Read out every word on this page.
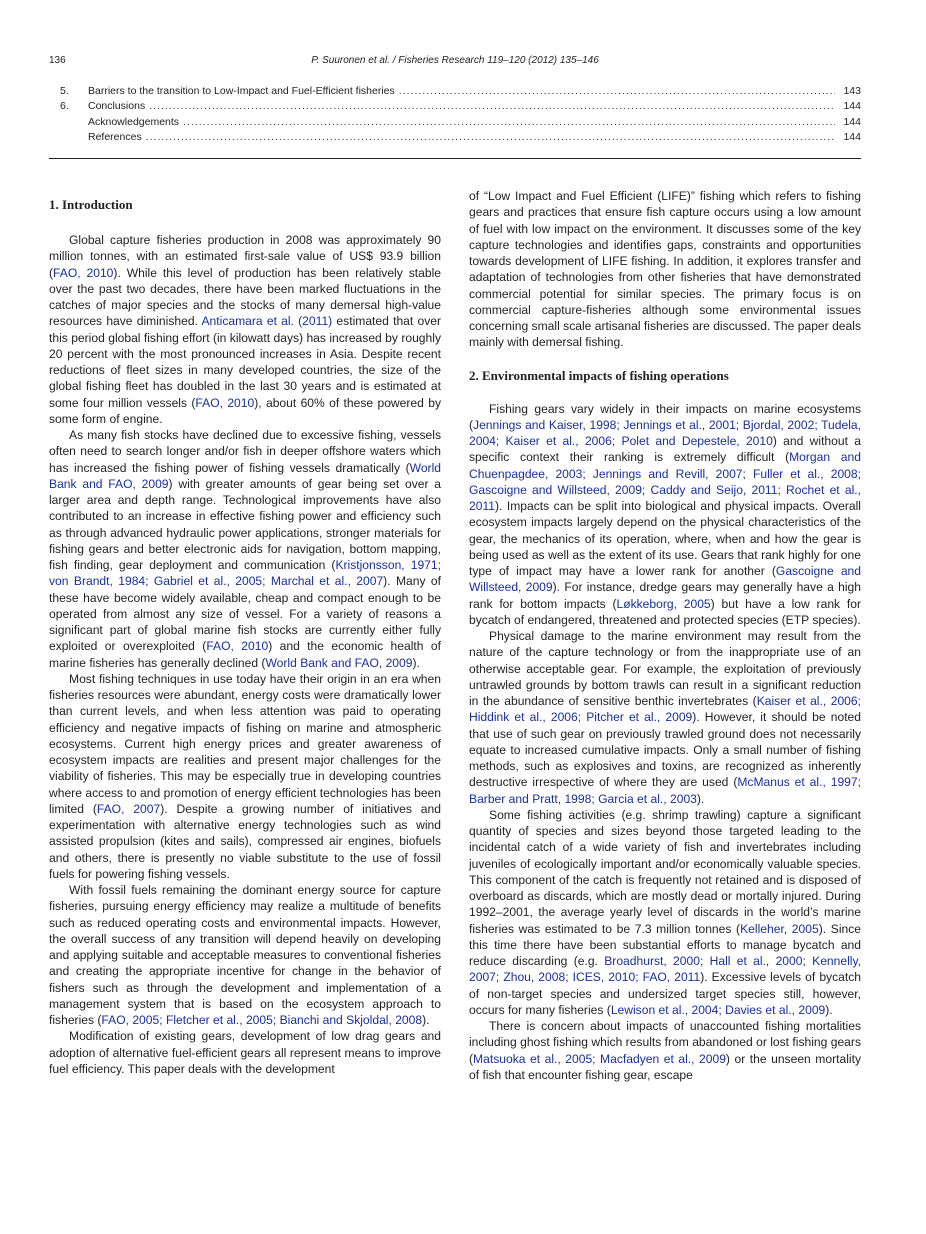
136	P. Suuronen et al. / Fisheries Research 119–120 (2012) 135–146
5.	Barriers to the transition to Low-Impact and Fuel-Efficient fisheries .....	143
6.	Conclusions .....	144
Acknowledgements .....	144
References .....	144
1. Introduction

Global capture fisheries production in 2008 was approximately 90 million tonnes, with an estimated first-sale value of US$ 93.9 billion (FAO, 2010). While this level of production has been relatively stable over the past two decades, there have been marked fluctuations in the catches of major species and the stocks of many demersal high-value resources have diminished. Anticamara et al. (2011) estimated that over this period global fishing effort (in kilowatt days) has increased by roughly 20 percent with the most pronounced increases in Asia. Despite recent reductions of fleet sizes in many developed countries, the size of the global fishing fleet has doubled in the last 30 years and is estimated at some four million vessels (FAO, 2010), about 60% of these powered by some form of engine.

As many fish stocks have declined due to excessive fishing, vessels often need to search longer and/or fish in deeper offshore waters which has increased the fishing power of fishing vessels dramatically (World Bank and FAO, 2009) with greater amounts of gear being set over a larger area and depth range. Technological improvements have also contributed to an increase in effective fishing power and efficiency such as through advanced hydraulic power applications, stronger materials for fishing gears and better electronic aids for navigation, bottom mapping, fish finding, gear deployment and communication (Kristjonsson, 1971; von Brandt, 1984; Gabriel et al., 2005; Marchal et al., 2007). Many of these have become widely available, cheap and compact enough to be operated from almost any size of vessel. For a variety of reasons a significant part of global marine fish stocks are currently either fully exploited or overexploited (FAO, 2010) and the economic health of marine fisheries has generally declined (World Bank and FAO, 2009).

Most fishing techniques in use today have their origin in an era when fisheries resources were abundant, energy costs were dramatically lower than current levels, and when less attention was paid to operating efficiency and negative impacts of fishing on marine and atmospheric ecosystems. Current high energy prices and greater awareness of ecosystem impacts are realities and present major challenges for the viability of fisheries. This may be especially true in developing countries where access to and promotion of energy efficient technologies has been limited (FAO, 2007). Despite a growing number of initiatives and experimentation with alternative energy technologies such as wind assisted propulsion (kites and sails), compressed air engines, biofuels and others, there is presently no viable substitute to the use of fossil fuels for powering fishing vessels.

With fossil fuels remaining the dominant energy source for capture fisheries, pursuing energy efficiency may realize a multitude of benefits such as reduced operating costs and environmental impacts. However, the overall success of any transition will depend heavily on developing and applying suitable and acceptable measures to conventional fisheries and creating the appropriate incentive for change in the behavior of fishers such as through the development and implementation of a management system that is based on the ecosystem approach to fisheries (FAO, 2005; Fletcher et al., 2005; Bianchi and Skjoldal, 2008).

Modification of existing gears, development of low drag gears and adoption of alternative fuel-efficient gears all represent means to improve fuel efficiency. This paper deals with the development

of “Low Impact and Fuel Efficient (LIFE)” fishing which refers to fishing gears and practices that ensure fish capture occurs using a low amount of fuel with low impact on the environment. It discusses some of the key capture technologies and identifies gaps, constraints and opportunities towards development of LIFE fishing. In addition, it explores transfer and adaptation of technologies from other fisheries that have demonstrated commercial potential for similar species. The primary focus is on commercial capture-fisheries although some environmental issues concerning small scale artisanal fisheries are discussed. The paper deals mainly with demersal fishing.

2. Environmental impacts of fishing operations

Fishing gears vary widely in their impacts on marine ecosystems (Jennings and Kaiser, 1998; Jennings et al., 2001; Bjordal, 2002; Tudela, 2004; Kaiser et al., 2006; Polet and Depestele, 2010) and without a specific context their ranking is extremely difficult (Morgan and Chuenpagdee, 2003; Jennings and Revill, 2007; Fuller et al., 2008; Gascoigne and Willsteed, 2009; Caddy and Seijo, 2011; Rochet et al., 2011). Impacts can be split into biological and physical impacts. Overall ecosystem impacts largely depend on the physical characteristics of the gear, the mechanics of its operation, where, when and how the gear is being used as well as the extent of its use. Gears that rank highly for one type of impact may have a lower rank for another (Gascoigne and Willsteed, 2009). For instance, dredge gears may generally have a high rank for bottom impacts (Løkkeborg, 2005) but have a low rank for bycatch of endangered, threatened and protected species (ETP species).

Physical damage to the marine environment may result from the nature of the capture technology or from the inappropriate use of an otherwise acceptable gear. For example, the exploitation of previously untrawled grounds by bottom trawls can result in a significant reduction in the abundance of sensitive benthic invertebrates (Kaiser et al., 2006; Hiddink et al., 2006; Pitcher et al., 2009). However, it should be noted that use of such gear on previously trawled ground does not necessarily equate to increased cumulative impacts. Only a small number of fishing methods, such as explosives and toxins, are recognized as inherently destructive irrespective of where they are used (McManus et al., 1997; Barber and Pratt, 1998; Garcia et al., 2003).

Some fishing activities (e.g. shrimp trawling) capture a significant quantity of species and sizes beyond those targeted leading to the incidental catch of a wide variety of fish and invertebrates including juveniles of ecologically important and/or economically valuable species. This component of the catch is frequently not retained and is disposed of overboard as discards, which are mostly dead or mortally injured. During 1992–2001, the average yearly level of discards in the world’s marine fisheries was estimated to be 7.3 million tonnes (Kelleher, 2005). Since this time there have been substantial efforts to manage bycatch and reduce discarding (e.g. Broadhurst, 2000; Hall et al., 2000; Kennelly, 2007; Zhou, 2008; ICES, 2010; FAO, 2011). Excessive levels of bycatch of non-target species and undersized target species still, however, occurs for many fisheries (Lewison et al., 2004; Davies et al., 2009).

There is concern about impacts of unaccounted fishing mortalities including ghost fishing which results from abandoned or lost fishing gears (Matsuoka et al., 2005; Macfadyen et al., 2009) or the unseen mortality of fish that encounter fishing gear, escape
